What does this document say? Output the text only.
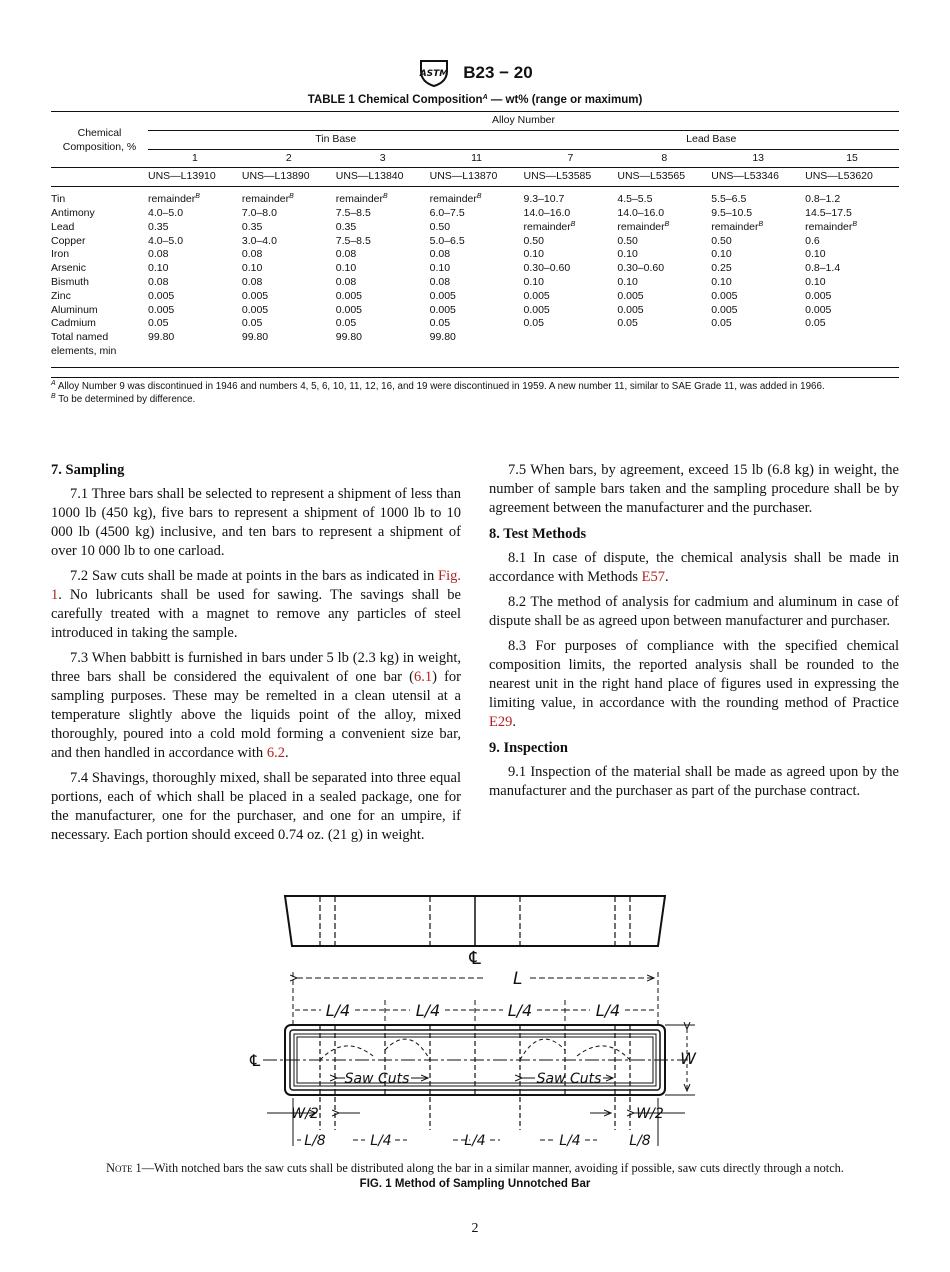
ASTM B23 − 20
TABLE 1 Chemical Composition$^A$ — wt% (range or maximum)
Chemical Composition, %	Alloy Number							
	Tin Base				Lead Base			
	1	2	3	11	7	8	13	15
	UNS—L13910	UNS—L13890	UNS—L13840	UNS—L13870	UNS—L53585	UNS—L53565	UNS—L53346	UNS—L53620
Tin	remainder$^B$	remainder$^B$	remainder$^B$	remainder$^B$	9.3–10.7	4.5–5.5	5.5–6.5	0.8–1.2
Antimony	4.0–5.0	7.0–8.0	7.5–8.5	6.0–7.5	14.0–16.0	14.0–16.0	9.5–10.5	14.5–17.5
Lead	0.35	0.35	0.35	0.50	remainder$^B$	remainder$^B$	remainder$^B$	remainder$^B$
Copper	4.0–5.0	3.0–4.0	7.5–8.5	5.0–6.5	0.50	0.50	0.50	0.6
Iron	0.08	0.08	0.08	0.08	0.10	0.10	0.10	0.10
Arsenic	0.10	0.10	0.10	0.10	0.30–0.60	0.30–0.60	0.25	0.8–1.4
Bismuth	0.08	0.08	0.08	0.08	0.10	0.10	0.10	0.10
Zinc	0.005	0.005	0.005	0.005	0.005	0.005	0.005	0.005
Aluminum	0.005	0.005	0.005	0.005	0.005	0.005	0.005	0.005
Cadmium	0.05	0.05	0.05	0.05	0.05	0.05	0.05	0.05
Total named elements, min	99.80	99.80	99.80	99.80				
$^A$ Alloy Number 9 was discontinued in 1946 and numbers 4, 5, 6, 10, 11, 12, 16, and 19 were discontinued in 1959. A new number 11, similar to SAE Grade 11, was added in 1966.
$^B$ To be determined by difference.
7. Sampling

7.1 Three bars shall be selected to represent a shipment of less than 1000 lb (450 kg), five bars to represent a shipment of 1000 lb to 10 000 lb (4500 kg) inclusive, and ten bars to represent a shipment of over 10 000 lb to one carload.

7.2 Saw cuts shall be made at points in the bars as indicated in Fig. 1. No lubricants shall be used for sawing. The savings shall be carefully treated with a magnet to remove any particles of steel introduced in taking the sample.

7.3 When babbitt is furnished in bars under 5 lb (2.3 kg) in weight, three bars shall be considered the equivalent of one bar (6.1) for sampling purposes. These may be remelted in a clean utensil at a temperature slightly above the liquids point of the alloy, mixed thoroughly, poured into a cold mold forming a convenient size bar, and then handled in accordance with 6.2.

7.4 Shavings, thoroughly mixed, shall be separated into three equal portions, each of which shall be placed in a sealed package, one for the manufacturer, one for the purchaser, and one for an umpire, if necessary. Each portion should exceed 0.74 oz. (21 g) in weight.

7.5 When bars, by agreement, exceed 15 lb (6.8 kg) in weight, the number of sample bars taken and the sampling procedure shall be by agreement between the manufacturer and the purchaser.

8. Test Methods

8.1 In case of dispute, the chemical analysis shall be made in accordance with Methods E57.

8.2 The method of analysis for cadmium and aluminum in case of dispute shall be as agreed upon between manufacturer and purchaser.

8.3 For purposes of compliance with the specified chemical composition limits, the reported analysis shall be rounded to the nearest unit in the right hand place of figures used in expressing the limiting value, in accordance with the rounding method of Practice E29.

9. Inspection

9.1 Inspection of the material shall be made as agreed upon by the manufacturer and the purchaser as part of the purchase contract.

℄
L
L/4	L/4	L/4	L/4
℄
Saw Cuts	Saw Cuts
W
W/2	W/2
L/8	L/4	L/4	L/4	L/8
Note 1—With notched bars the saw cuts shall be distributed along the bar in a similar manner, avoiding if possible, saw cuts directly through a notch.
FIG. 1 Method of Sampling Unnotched Bar
2
